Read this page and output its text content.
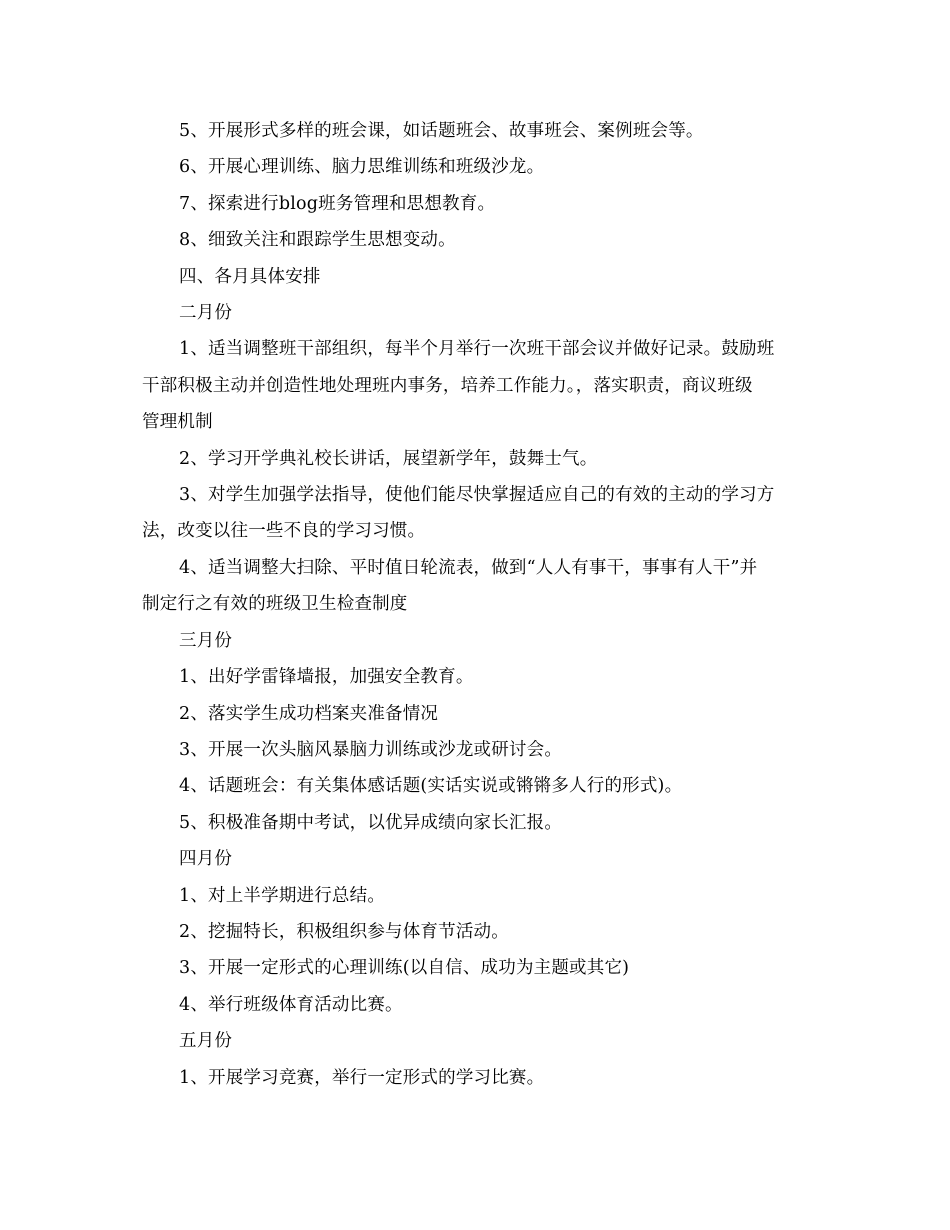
5、开展形式多样的班会课，如话题班会、故事班会、案例班会等。

6、开展心理训练、脑力思维训练和班级沙龙。

7、探索进行blog班务管理和思想教育。

8、细致关注和跟踪学生思想变动。

四、各月具体安排

二月份

1、适当调整班干部组织，每半个月举行一次班干部会议并做好记录。鼓励班

干部积极主动并创造性地处理班内事务，培养工作能力。，落实职责，商议班级

管理机制

2、学习开学典礼校长讲话，展望新学年，鼓舞士气。

3、对学生加强学法指导，使他们能尽快掌握适应自己的有效的主动的学习方

法，改变以往一些不良的学习习惯。

4、适当调整大扫除、平时值日轮流表，做到“人人有事干，事事有人干”并

制定行之有效的班级卫生检查制度

三月份

1、出好学雷锋墙报，加强安全教育。

2、落实学生成功档案夹准备情况

3、开展一次头脑风暴脑力训练或沙龙或研讨会。

4、话题班会：有关集体感话题(实话实说或锵锵多人行的形式)。

5、积极准备期中考试，以优异成绩向家长汇报。

四月份

1、对上半学期进行总结。

2、挖掘特长，积极组织参与体育节活动。

3、开展一定形式的心理训练(以自信、成功为主题或其它)

4、举行班级体育活动比赛。

五月份

1、开展学习竞赛，举行一定形式的学习比赛。
